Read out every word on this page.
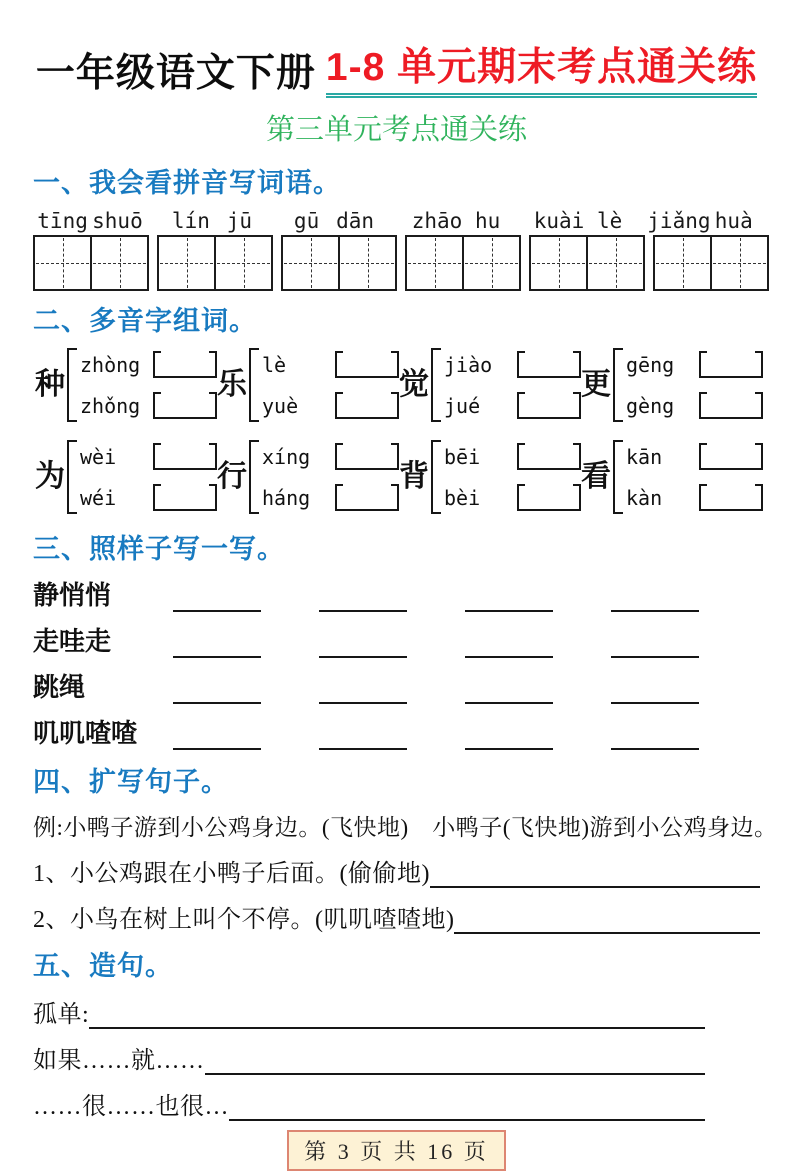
一年级语文下册 1-8 单元期末考点通关练
第三单元考点通关练
一、我会看拼音写词语。
tīng shuō lín jū gū dān zhāo hu kuài lè jiǎng huà
二、多音字组词。
种
zhòng
zhǒng
乐
lè
yuè
觉
jiào
jué
更
gēng
gèng
为
wèi
wéi
行
xíng
háng
背
bēi
bèi
看
kān
kàn
三、照样子写一写。
静悄悄
走哇走
跳绳
叽叽喳喳
四、扩写句子。
例:小鸭子游到小公鸡身边。(飞快地)　小鸭子(飞快地)游到小公鸡身边。
1、小公鸡跟在小鸭子后面。(偷偷地)
2、小鸟在树上叫个不停。(叽叽喳喳地)
五、造句。
孤单:
如果……就……
……很……也很…
第 3 页 共 16 页
